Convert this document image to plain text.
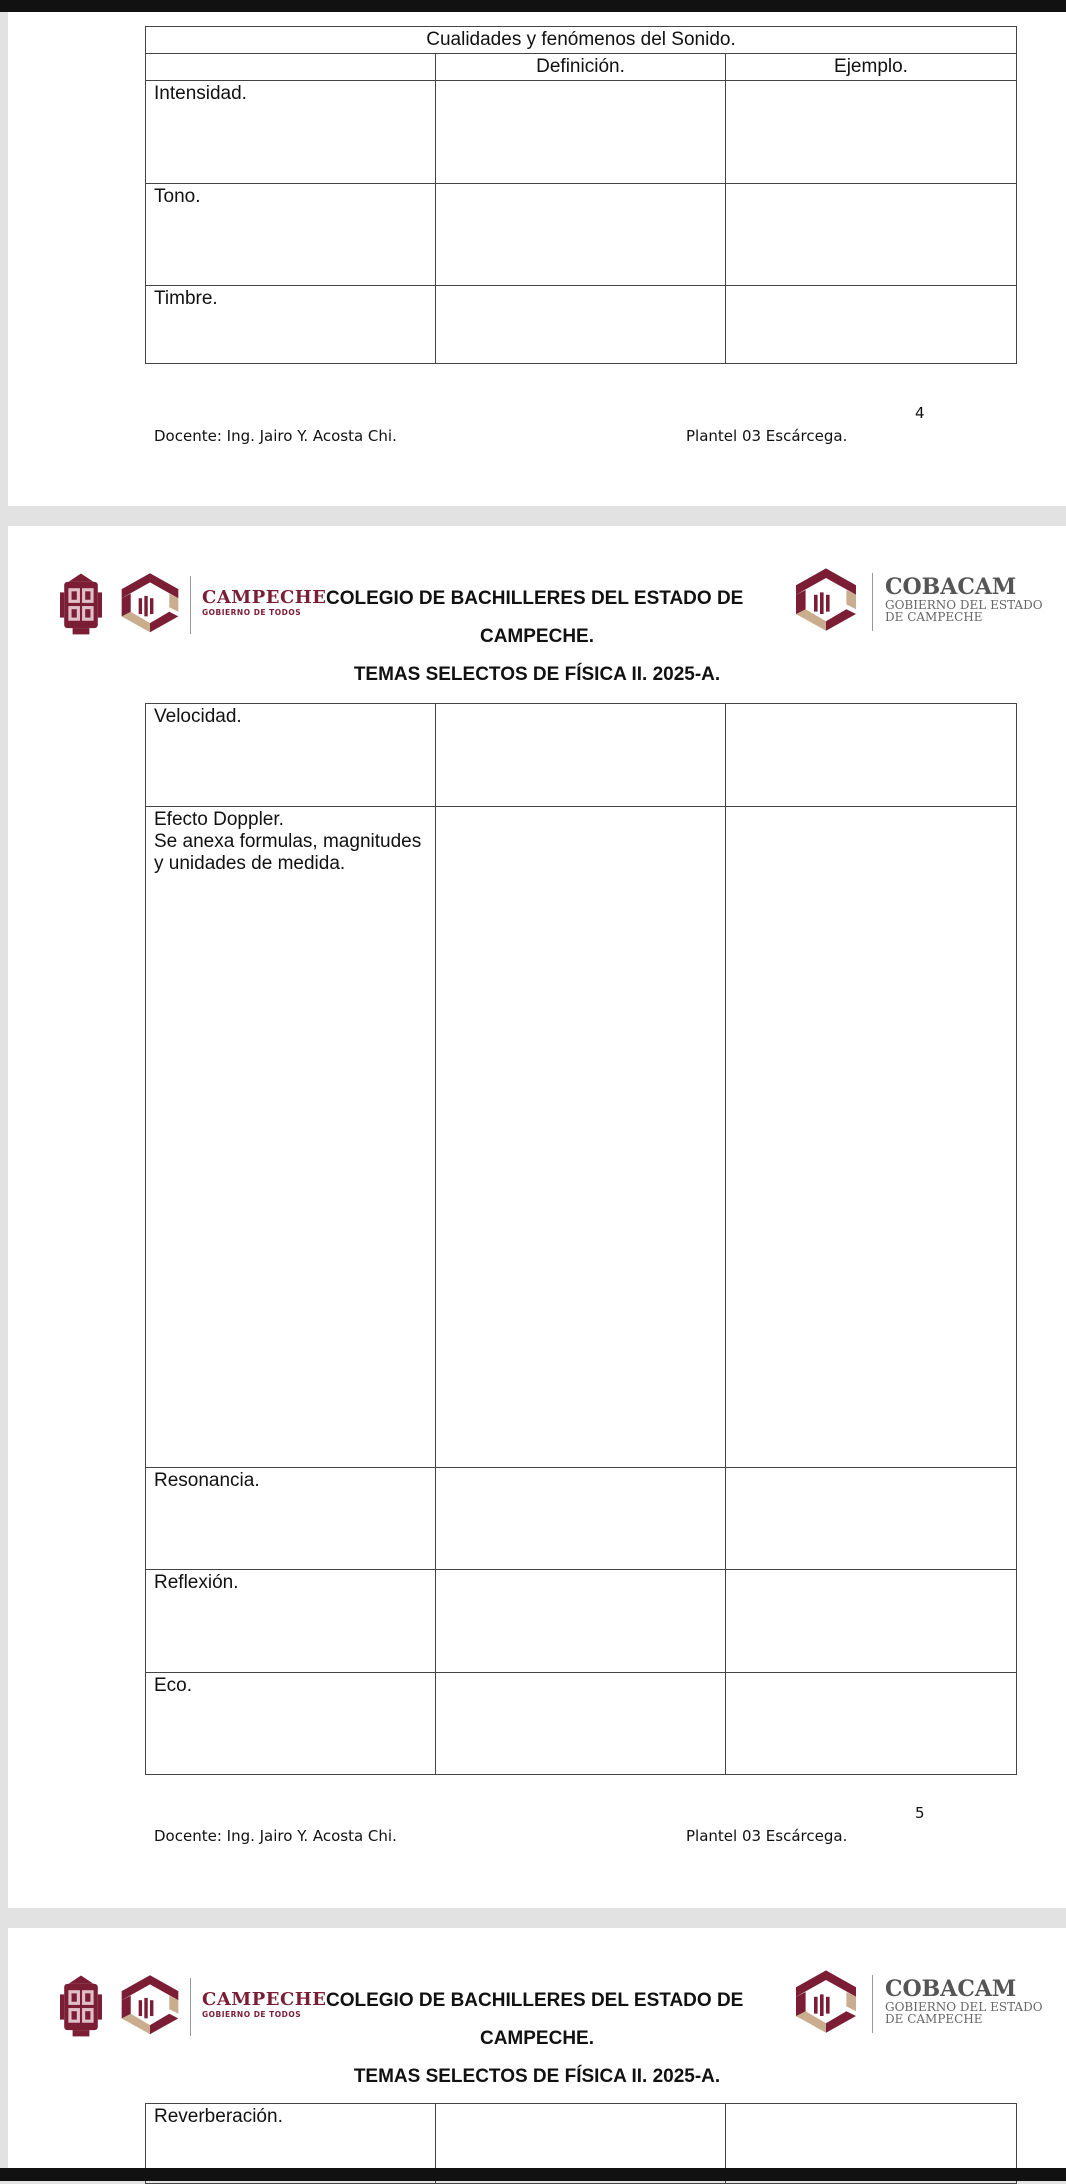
Cualidades y fenómenos del Sonido.		
	Definición.	Ejemplo.
Intensidad.		
Tono.		
Timbre.		
4
Docente: Ing. Jairo Y. Acosta Chi.	Plantel 03 Escárcega.
CAMPECHE
GOBIERNO DE TODOS
COLEGIO DE BACHILLERES DEL ESTADO DE	COBACAM
GOBIERNO DEL ESTADO
DE CAMPECHE
CAMPECHE.
TEMAS SELECTOS DE FÍSICA II. 2025-A.
Velocidad.		

Efecto Doppler.
Se anexa formulas, magnitudes y unidades de medida.		

Resonancia.		
Reflexión.		
Eco.		
5
Docente: Ing. Jairo Y. Acosta Chi.	Plantel 03 Escárcega.
CAMPECHE
GOBIERNO DE TODOS
COLEGIO DE BACHILLERES DEL ESTADO DE	COBACAM
GOBIERNO DEL ESTADO
DE CAMPECHE
CAMPECHE.
TEMAS SELECTOS DE FÍSICA II. 2025-A.
Reverberación.		
